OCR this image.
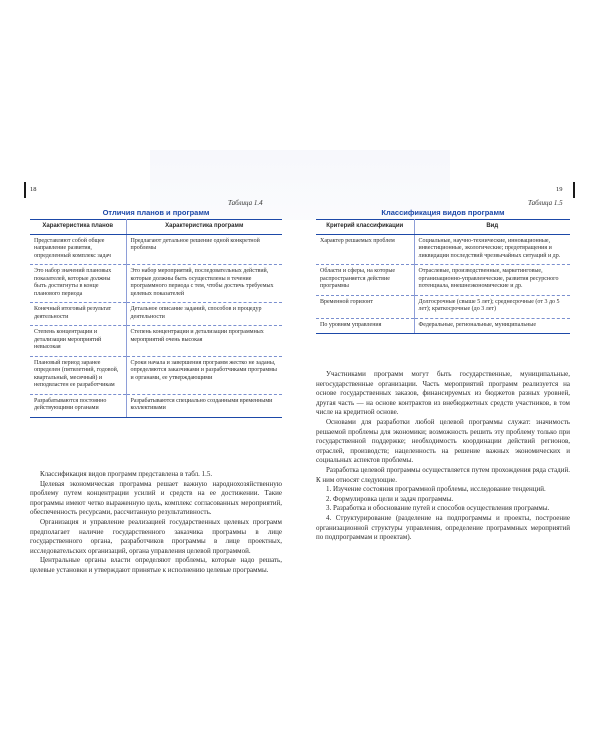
18
Таблица 1.4
Отличия планов и программ
Характеристика планов	Характеристика программ
Представляют собой общее направление развития, определенный комплекс задач	Предлагают детальное решение одной конкретной проблемы
Это набор значений плановых показателей, которые должны быть достигнуты в конце планового периода	Это набор мероприятий, последовательных действий, которые должны быть осуществлены в течение программного периода с тем, чтобы достичь требуемых целевых показателей
Конечный итоговый результат деятельности	Детальное описание заданий, способов и процедур деятельности
Степень концентрации и детализации мероприятий невысокая	Степень концентрации и детализации программных мероприятий очень высокая
Плановый период заранее определен (пятилетний, годовой, квартальный, месячный) и неподвластен ее разработчикам	Сроки начала и завершения программ жестко не заданы, определяются заказчиками и разработчиками программы и органами, ее утверждающими
Разрабатываются постоянно действующими органами	Разрабатываются специально созданными временными коллективами

Классификация видов программ представлена в табл. 1.5.

Целевая экономическая программа решает важную народнохозяйственную проблему путем концентрации усилий и средств на ее достижении. Такие программы имеют четко выраженную цель, комплекс согласованных мероприятий, обеспеченность ресурсами, рассчитанную результативность.

Организация и управление реализацией государственных целевых программ предполагает наличие государственного заказчика программы в лице государственного органа, разработчиков программы в лице проектных, исследовательских организаций, органа управления целевой программой.

Центральные органы власти определяют проблемы, которые надо решать, целевые установки и утверждают принятые к исполнению целевые программы.

19
Таблица 1.5
Классификация видов программ
Критерий классификации	Вид
Характер решаемых проблем	Социальные, научно-технические, инновационные, инвестиционные, экологические; предотвращения и ликвидации последствий чрезвычайных ситуаций и др.
Области и сферы, на которые распространяется действие программы	Отраслевые, производственные, маркетинговые, организационно-управленческие, развития ресурсного потенциала, внешнеэкономические и др.
Временной горизонт	Долгосрочные (свыше 5 лет); среднесрочные (от 3 до 5 лет); краткосрочные (до 3 лет)
По уровням управления	Федеральные, региональные, муниципальные

Участниками программ могут быть государственные, муниципальные, негосударственные организации. Часть мероприятий программ реализуется на основе государственных заказов, финансируемых из бюджетов разных уровней, другая часть — на основе контрактов из внебюджетных средств участников, в том числе на кредитной основе.

Основами для разработки любой целевой программы служат: значимость решаемой проблемы для экономики; возможность решить эту проблему только при государственной поддержке; необходимость координации действий регионов, отраслей, производств; нацеленность на решение важных экономических и социальных аспектов проблемы.

Разработка целевой программы осуществляется путем прохождения ряда стадий. К ним относят следующие.

1. Изучение состояния программной проблемы, исследование тенденций.

2. Формулировка цели и задач программы.

3. Разработка и обоснование путей и способов осуществления программы.

4. Структурирование (разделение на подпрограммы и проекты, построение организационной структуры управления, определение программных мероприятий по подпрограммам и проектам).
